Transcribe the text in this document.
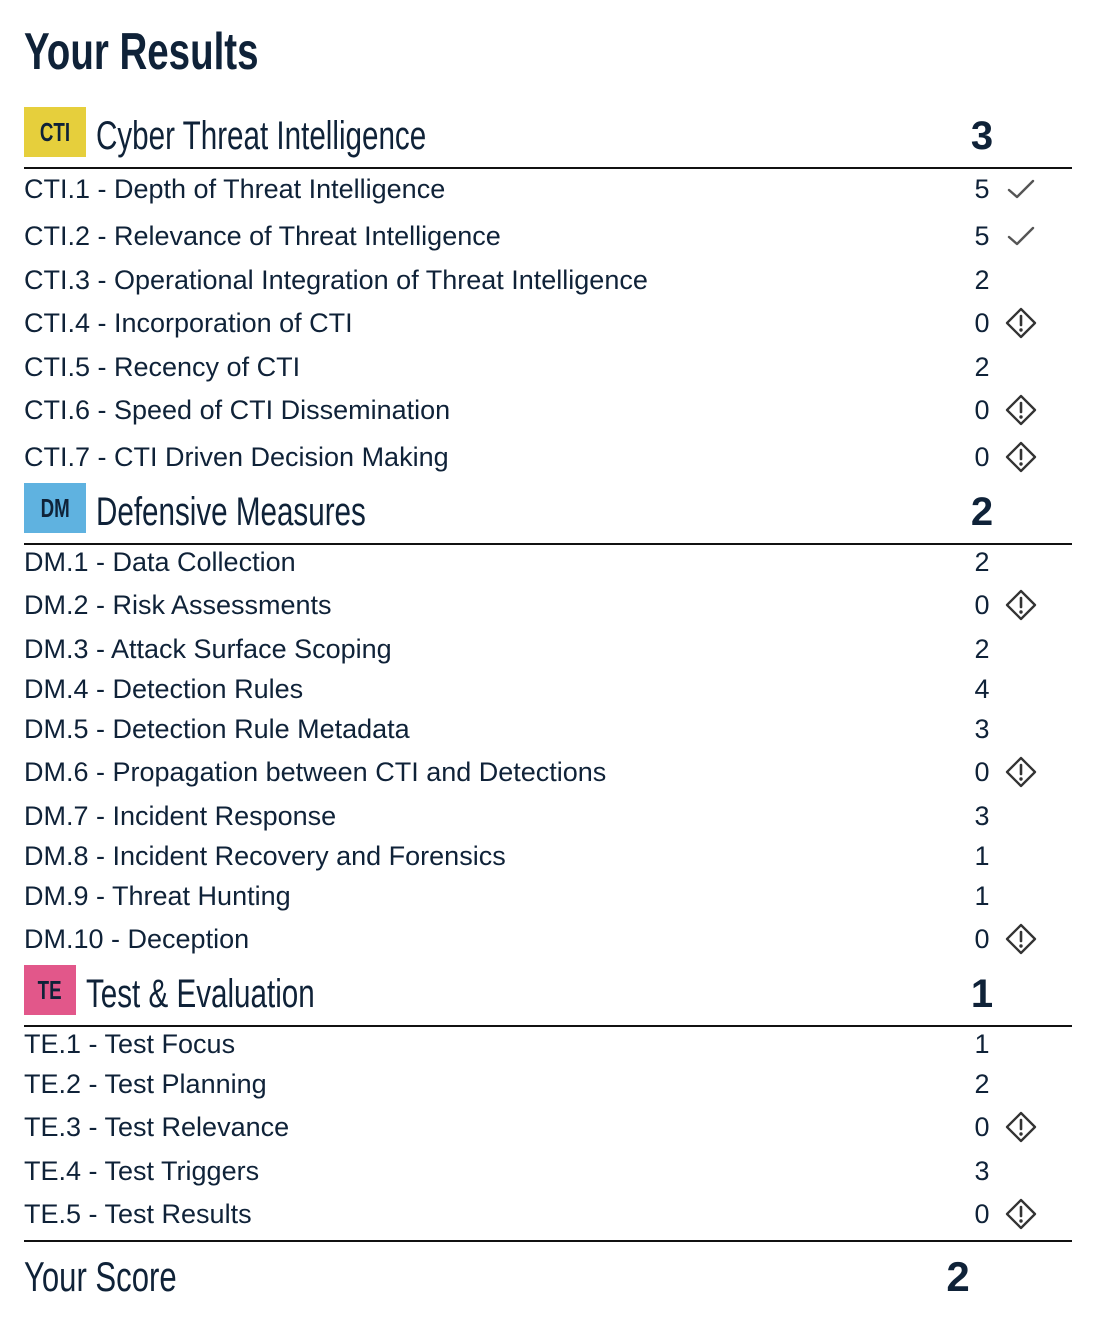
Your Results
CTI Cyber Threat Intelligence	3
CTI.1 - Depth of Threat Intelligence	5
CTI.2 - Relevance of Threat Intelligence	5
CTI.3 - Operational Integration of Threat Intelligence	2
CTI.4 - Incorporation of CTI	0
CTI.5 - Recency of CTI	2
CTI.6 - Speed of CTI Dissemination	0
CTI.7 - CTI Driven Decision Making	0
DM Defensive Measures	2
DM.1 - Data Collection	2
DM.2 - Risk Assessments	0
DM.3 - Attack Surface Scoping	2
DM.4 - Detection Rules	4
DM.5 - Detection Rule Metadata	3
DM.6 - Propagation between CTI and Detections	0
DM.7 - Incident Response	3
DM.8 - Incident Recovery and Forensics	1
DM.9 - Threat Hunting	1
DM.10 - Deception	0
TE Test & Evaluation	1
TE.1 - Test Focus	1
TE.2 - Test Planning	2
TE.3 - Test Relevance	0
TE.4 - Test Triggers	3
TE.5 - Test Results	0
Your Score	2
